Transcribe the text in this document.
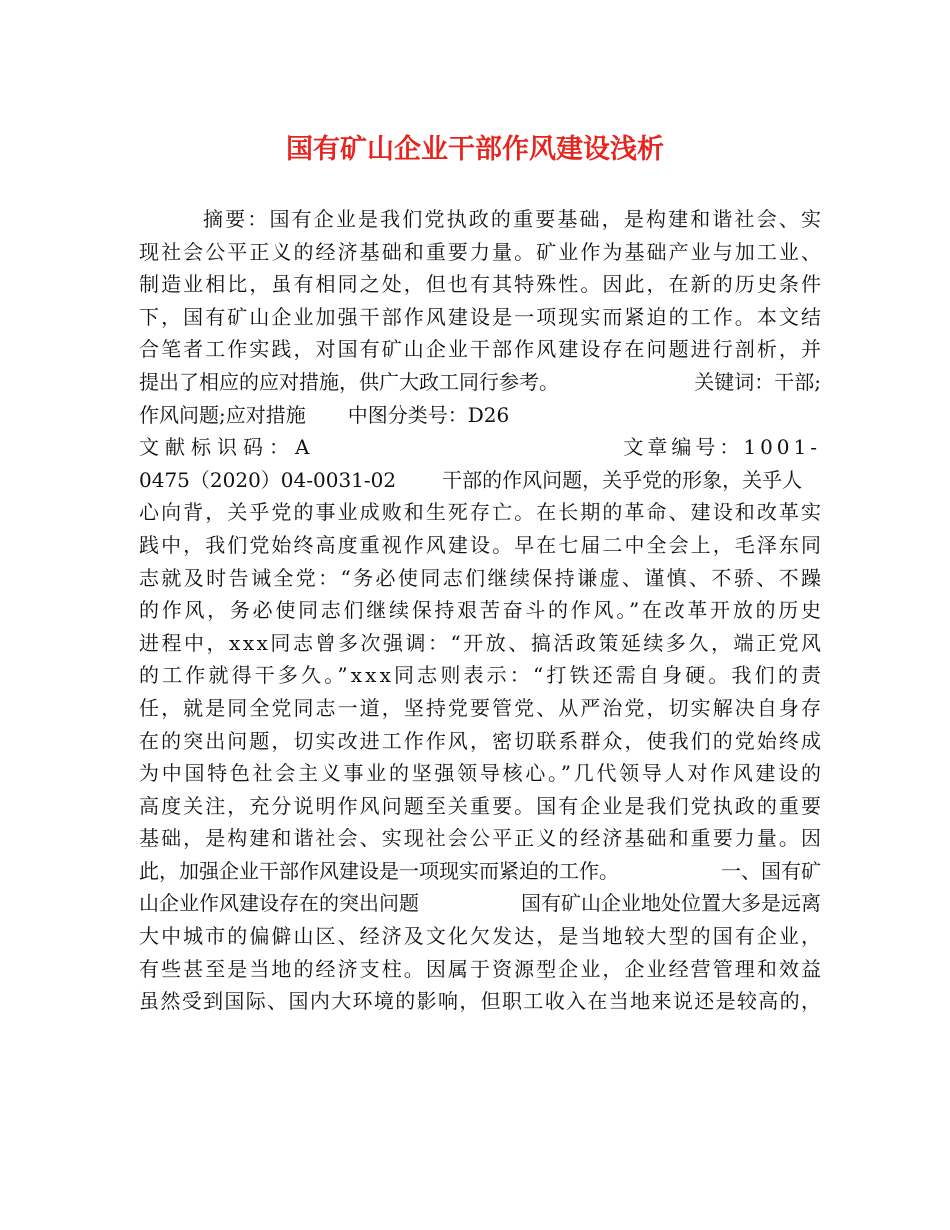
国有矿山企业干部作风建设浅析
摘要：国有企业是我们党执政的重要基础，是构建和谐社会、实
现社会公平正义的经济基础和重要力量。矿业作为基础产业与加工业、
制造业相比，虽有相同之处，但也有其特殊性。因此，在新的历史条件
下，国有矿山企业加强干部作风建设是一项现实而紧迫的工作。本文结
合笔者工作实践，对国有矿山企业干部作风建设存在问题进行剖析，并
提出了相应的应对措施，供广大政工同行参考。	关键词：干部;
作风问题;应对措施 中图分类号：D26
文献标识码：A	文章编号：1001-
0475（2020）04-0031-02 干部的作风问题，关乎党的形象，关乎人
心向背，关乎党的事业成败和生死存亡。在长期的革命、建设和改革实
践中，我们党始终高度重视作风建设。早在七届二中全会上，毛泽东同
志就及时告诫全党：“务必使同志们继续保持谦虚、谨慎、不骄、不躁
的作风，务必使同志们继续保持艰苦奋斗的作风。”在改革开放的历史
进程中，xxx同志曾多次强调：“开放、搞活政策延续多久，端正党风
的工作就得干多久。”xxx同志则表示：“打铁还需自身硬。我们的责
任，就是同全党同志一道，坚持党要管党、从严治党，切实解决自身存
在的突出问题，切实改进工作作风，密切联系群众，使我们的党始终成
为中国特色社会主义事业的坚强领导核心。”几代领导人对作风建设的
高度关注，充分说明作风问题至关重要。国有企业是我们党执政的重要
基础，是构建和谐社会、实现社会公平正义的经济基础和重要力量。因
此，加强企业干部作风建设是一项现实而紧迫的工作。	一、国有矿
山企业作风建设存在的突出问题	国有矿山企业地处位置大多是远离
大中城市的偏僻山区、经济及文化欠发达，是当地较大型的国有企业，
有些甚至是当地的经济支柱。因属于资源型企业，企业经营管理和效益
虽然受到国际、国内大环境的影响，但职工收入在当地来说还是较高的，
